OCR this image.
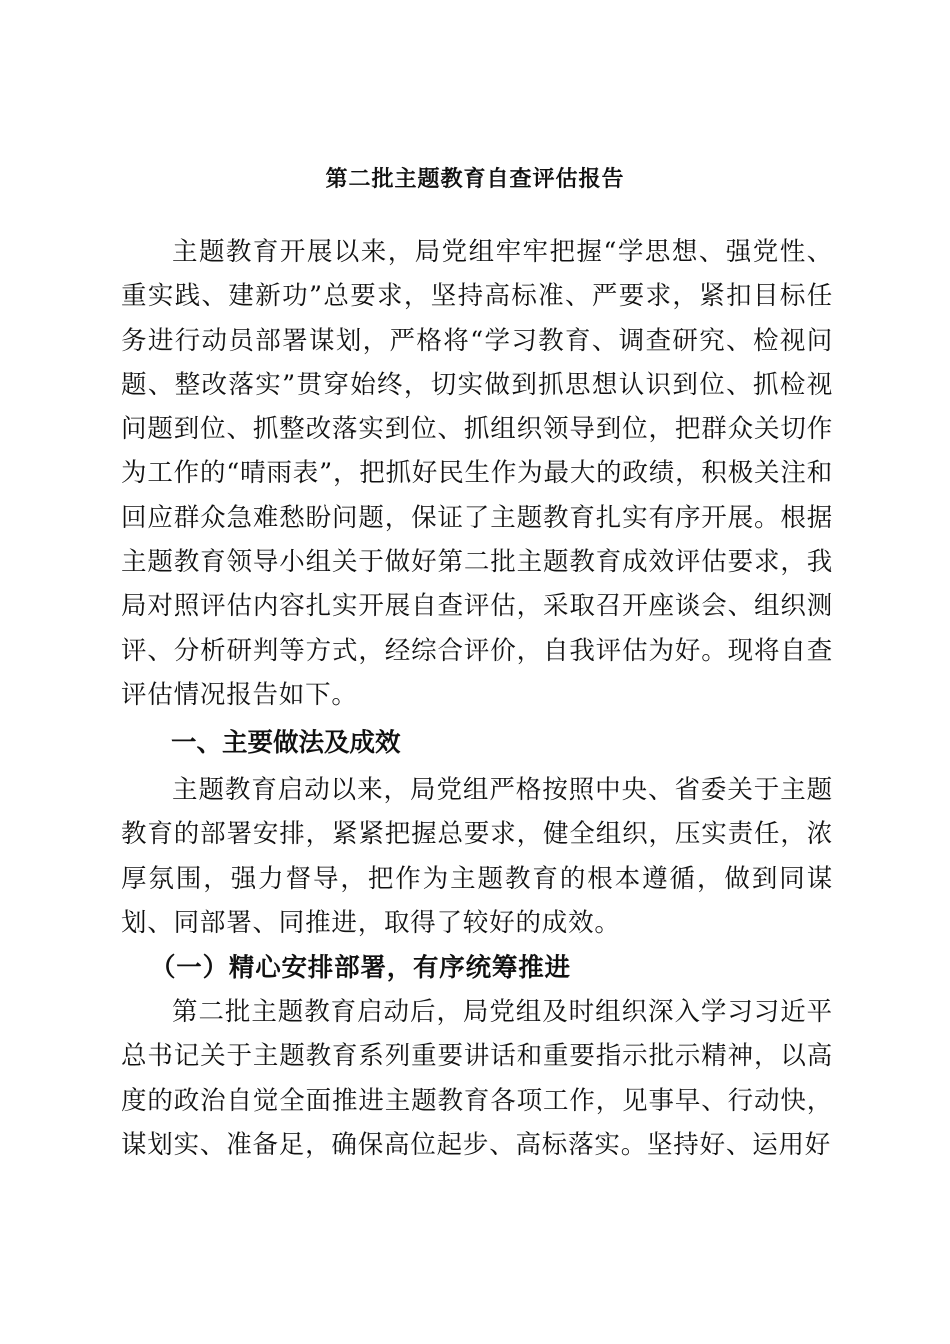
第二批主题教育自查评估报告

主题教育开展以来，局党组牢牢把握“学思想、强党性、重实践、建新功”总要求，坚持高标准、严要求，紧扣目标任务进行动员部署谋划，严格将“学习教育、调查研究、检视问题、整改落实”贯穿始终，切实做到抓思想认识到位、抓检视问题到位、抓整改落实到位、抓组织领导到位，把群众关切作为工作的“晴雨表”，把抓好民生作为最大的政绩，积极关注和回应群众急难愁盼问题，保证了主题教育扎实有序开展。根据主题教育领导小组关于做好第二批主题教育成效评估要求，我局对照评估内容扎实开展自查评估，采取召开座谈会、组织测评、分析研判等方式，经综合评价，自我评估为好。现将自查评估情况报告如下。

一、主要做法及成效

主题教育启动以来，局党组严格按照中央、省委关于主题教育的部署安排，紧紧把握总要求，健全组织，压实责任，浓厚氛围，强力督导，把作为主题教育的根本遵循，做到同谋划、同部署、同推进，取得了较好的成效。

（一）精心安排部署，有序统筹推进

第二批主题教育启动后，局党组及时组织深入学习习近平总书记关于主题教育系列重要讲话和重要指示批示精神，以高度的政治自觉全面推进主题教育各项工作，见事早、行动快，谋划实、准备足，确保高位起步、高标落实。坚持好、运用好
